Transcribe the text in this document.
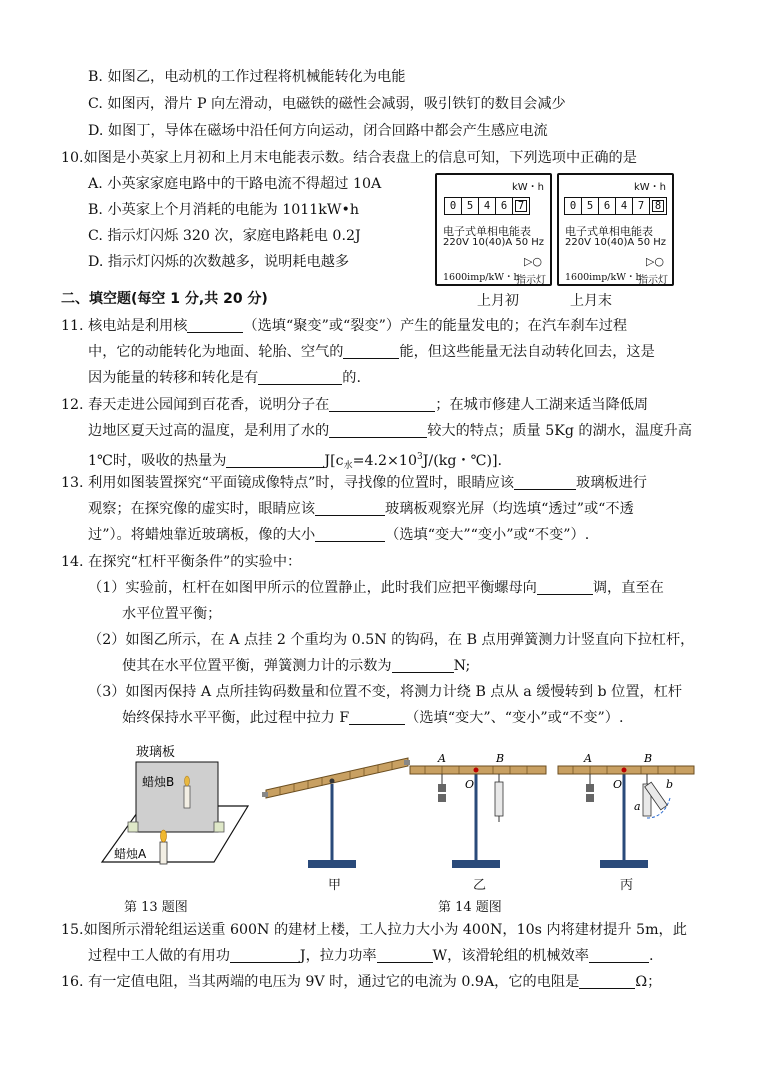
B. 如图乙，电动机的工作过程将机械能转化为电能
C. 如图丙，滑片 P 向左滑动，电磁铁的磁性会减弱，吸引铁钉的数目会减少
D. 如图丁，导体在磁场中沿任何方向运动，闭合回路中都会产生感应电流
10.如图是小英家上月初和上月末电能表示数。结合表盘上的信息可知，下列选项中正确的是
A. 小英家家庭电路中的干路电流不得超过 10A
B. 小英家上个月消耗的电能为 1011kW•h
C. 指示灯闪烁 320 次，家庭电路耗电 0.2J
D. 指示灯闪烁的次数越多，说明耗电越多
kW・h
0	5	4	6	7
电子式单相电能表
220V 10(40)A 50 Hz
▷○
1600imp/kW・h
指示灯
上月初
kW・h
0	5	6	4	7	8
电子式单相电能表
220V 10(40)A 50 Hz
▷○
1600imp/kW・h
指示灯
上月末
二、填空题(每空 1 分,共 20 分)
11. 核电站是利用核	（选填“聚变”或“裂变”）产生的能量发电的；在汽车刹车过程
中，它的动能转化为地面、轮胎、空气的	能，但这些能量无法自动转化回去，这是
因为能量的转移和转化是有	的.
12. 春天走进公园闻到百花香，说明分子在	；在城市修建人工湖来适当降低周
边地区夏天过高的温度，是利用了水的	较大的特点；质量 5Kg 的湖水，温度升高
1℃时，吸收的热量为	$J[c_水=4.2\times 10^3J/(kg$・℃)].
13. 利用如图装置探究“平面镜成像特点”时，寻找像的位置时，眼睛应该	玻璃板进行
观察；在探究像的虚实时，眼睛应该	玻璃板观察光屏（均选填“透过”或“不透
过”）。将蜡烛靠近玻璃板，像的大小	（选填“变大”“变小”或“不变”）.
14. 在探究“杠杆平衡条件”的实验中：
（1）实验前，杠杆在如图甲所示的位置静止，此时我们应把平衡螺母向	调，直至在
水平位置平衡；
（2）如图乙所示，在 A 点挂 2 个重均为 0.5N 的钩码，在 B 点用弹簧测力计竖直向下拉杠杆，
使其在水平位置平衡，弹簧测力计的示数为	N;
（3）如图丙保持 A 点所挂钩码数量和位置不变，将测力计绕 B 点从 a 缓慢转到 b 位置，杠杆
始终保持水平平衡，此过程中拉力 F	（选填“变大”、“变小”或“不变”）.
玻璃板
蜡烛B
蜡烛A
第 13 题图
甲
A	B
O
乙
A	B
O
a
b
丙
第 14 题图
15.如图所示滑轮组运送重 600N 的建材上楼，工人拉力大小为 400N，10s 内将建材提升 5m，此
过程中工人做的有用功	J，拉力功率	W，该滑轮组的机械效率	.
16. 有一定值电阻，当其两端的电压为 9V 时，通过它的电流为 0.9A，它的电阻是	Ω；
